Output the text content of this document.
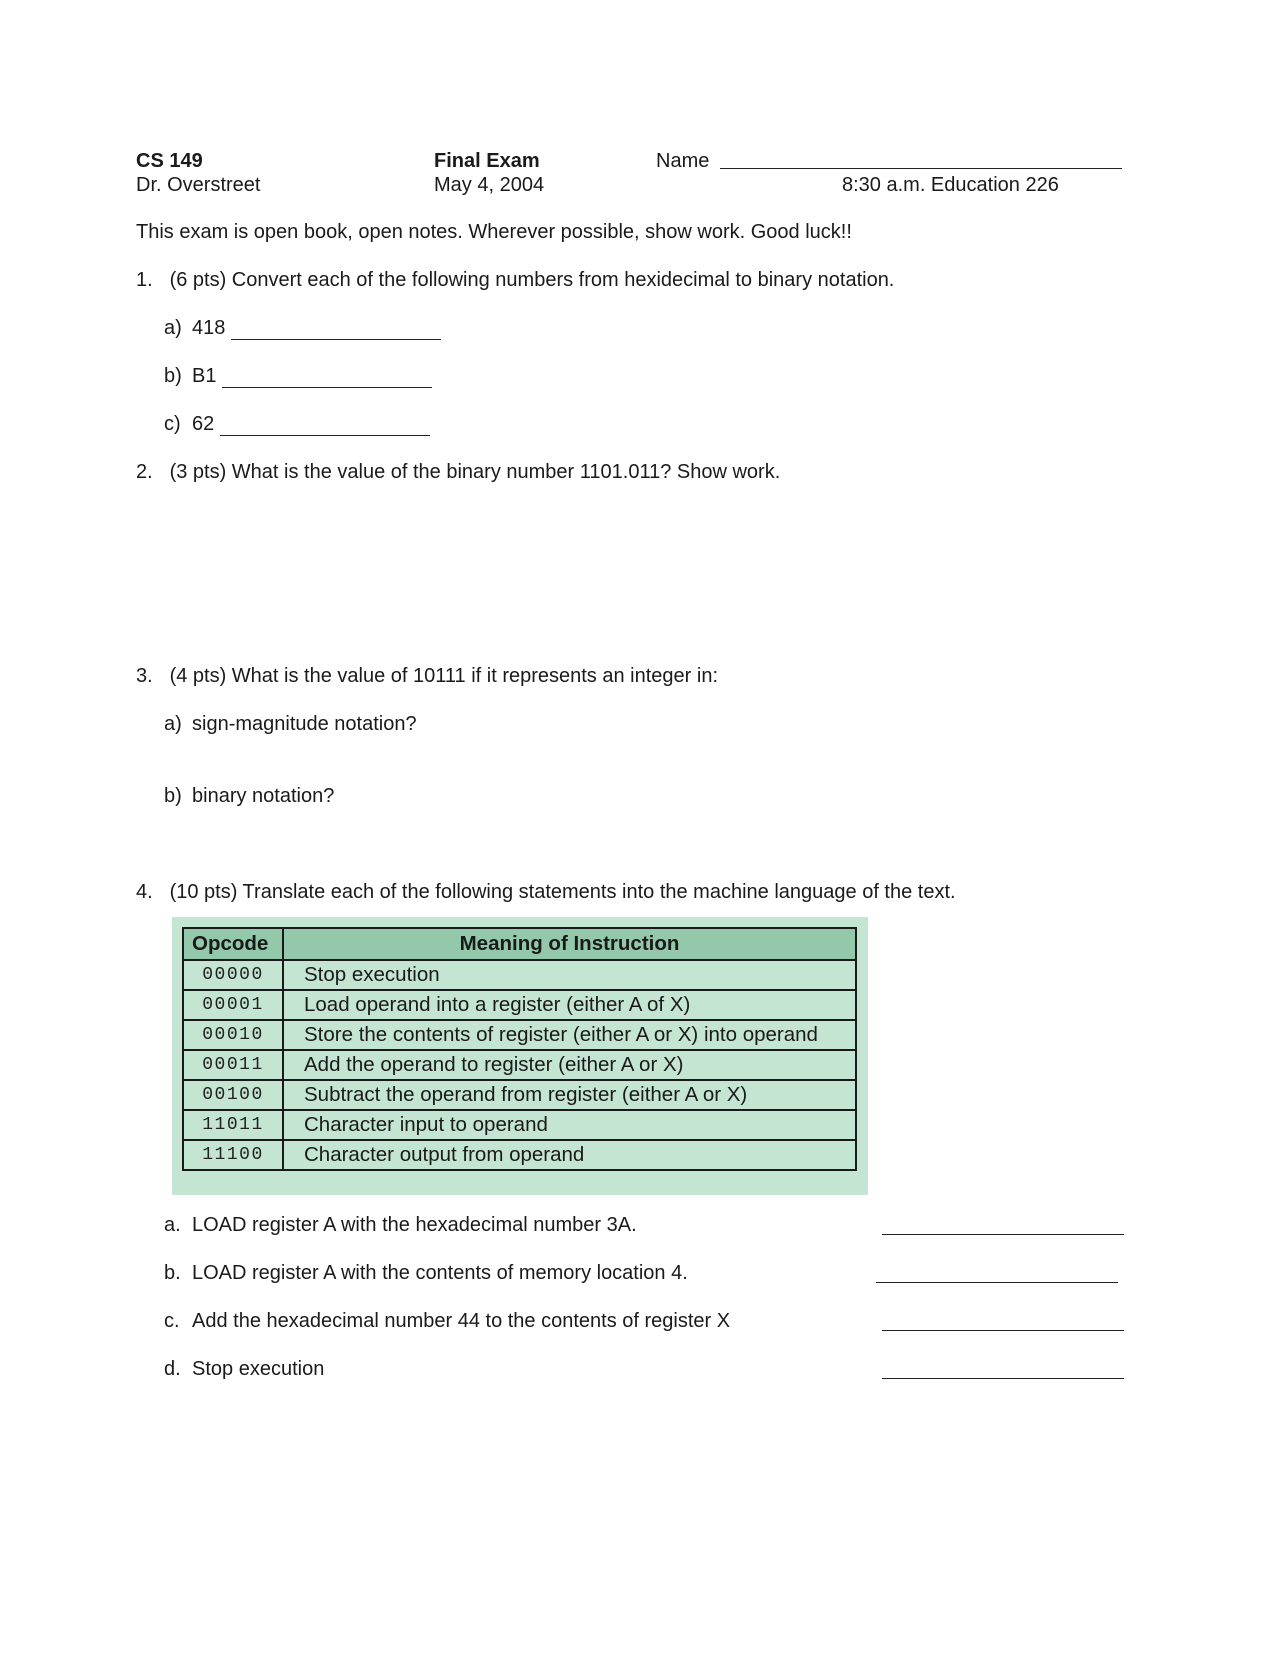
CS 149
Dr. Overstreet
Final Exam
May 4, 2004
Name
8:30 a.m. Education 226
This exam is open book, open notes. Wherever possible, show work. Good luck!!
1. (6 pts) Convert each of the following numbers from hexidecimal to binary notation.
a) 418
b) B1
c) 62
2. (3 pts) What is the value of the binary number 1101.011? Show work.
3. (4 pts) What is the value of 10111 if it represents an integer in:
a) sign-magnitude notation?
b) binary notation?
4. (10 pts) Translate each of the following statements into the machine language of the text.
Opcode	Meaning of Instruction
00000	Stop execution
00001	Load operand into a register (either A of X)
00010	Store the contents of register (either A or X) into operand
00011	Add the operand to register (either A or X)
00100	Subtract the operand from register (either A or X)
11011	Character input to operand
11100	Character output from operand
a. LOAD register A with the hexadecimal number 3A.
b. LOAD register A with the contents of memory location 4.
c. Add the hexadecimal number 44 to the contents of register X
d. Stop execution
